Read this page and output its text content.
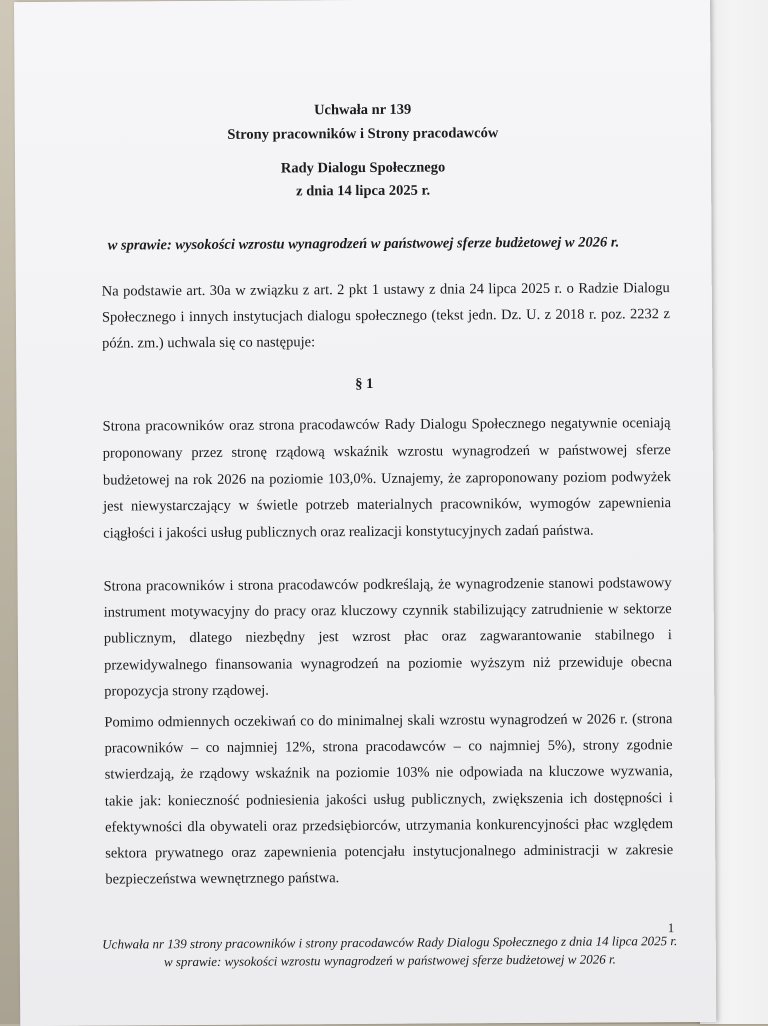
Uchwała nr 139
Strony pracowników i Strony pracodawców
Rady Dialogu Społecznego
z dnia 14 lipca 2025 r.
w sprawie: wysokości wzrostu wynagrodzeń w państwowej sferze budżetowej w 2026 r.
Na podstawie art. 30a w związku z art. 2 pkt 1 ustawy z dnia 24 lipca 2025 r. o Radzie Dialogu Społecznego i innych instytucjach dialogu społecznego (tekst jedn. Dz. U. z 2018 r. poz. 2232 z późn. zm.) uchwala się co następuje:
§ 1
Strona pracowników oraz strona pracodawców Rady Dialogu Społecznego negatywnie oceniają proponowany przez stronę rządową wskaźnik wzrostu wynagrodzeń w państwowej sferze budżetowej na rok 2026 na poziomie 103,0%. Uznajemy, że zaproponowany poziom podwyżek jest niewystarczający w świetle potrzeb materialnych pracowników, wymogów zapewnienia ciągłości i jakości usług publicznych oraz realizacji konstytucyjnych zadań państwa.
Strona pracowników i strona pracodawców podkreślają, że wynagrodzenie stanowi podstawowy instrument motywacyjny do pracy oraz kluczowy czynnik stabilizujący zatrudnienie w sektorze publicznym, dlatego niezbędny jest wzrost płac oraz zagwarantowanie stabilnego i przewidywalnego finansowania wynagrodzeń na poziomie wyższym niż przewiduje obecna propozycja strony rządowej.
Pomimo odmiennych oczekiwań co do minimalnej skali wzrostu wynagrodzeń w 2026 r. (strona pracowników – co najmniej 12%, strona pracodawców – co najmniej 5%), strony zgodnie stwierdzają, że rządowy wskaźnik na poziomie 103% nie odpowiada na kluczowe wyzwania, takie jak: konieczność podniesienia jakości usług publicznych, zwiększenia ich dostępności i efektywności dla obywateli oraz przedsiębiorców, utrzymania konkurencyjności płac względem sektora prywatnego oraz zapewnienia potencjału instytucjonalnego administracji w zakresie bezpieczeństwa wewnętrznego państwa.
1
Uchwała nr 139 strony pracowników i strony pracodawców Rady Dialogu Społecznego z dnia 14 lipca 2025 r. w sprawie: wysokości wzrostu wynagrodzeń w państwowej sferze budżetowej w 2026 r.
